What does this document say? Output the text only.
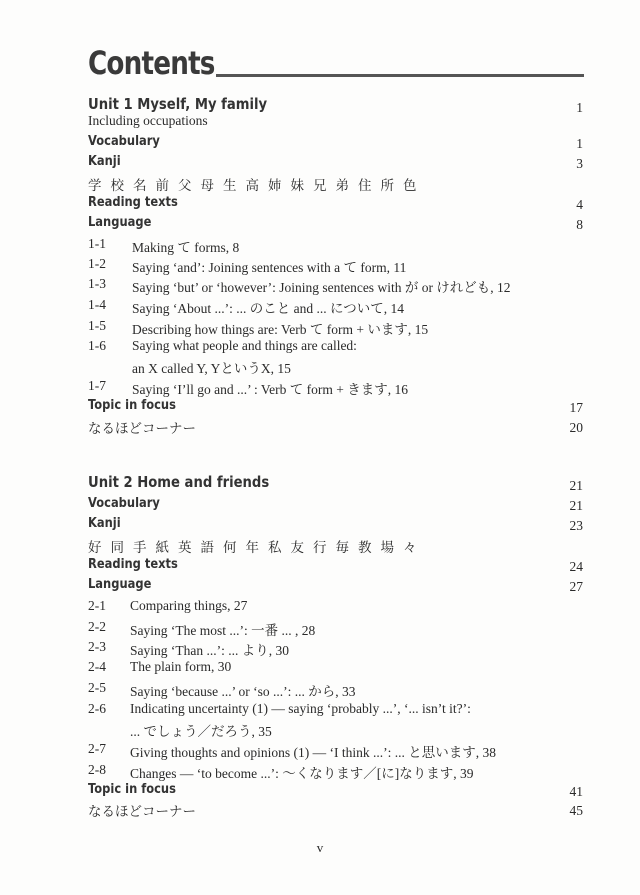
Contents
Unit 1 Myself, My family	1
Including occupations
Vocabulary	1
Kanji	3
学校名前父母生高姉妹兄弟住所色
Reading texts	4
Language	8
1-1 Making て forms, 8
1-2 Saying ‘and’: Joining sentences with a て form, 11
1-3 Saying ‘but’ or ‘however’: Joining sentences with が or けれども, 12
1-4 Saying ‘About ...’: ... のこと and ... について, 14
1-5 Describing how things are: Verb て form + います, 15
1-6 Saying what people and things are called:
an X called Y, YというX, 15
1-7 Saying ‘I’ll go and ...’ : Verb て form + きます, 16
Topic in focus	17
なるほどコーナー	20
Unit 2 Home and friends	21
Vocabulary	21
Kanji	23
好同手紙英語何年私友行毎教場々
Reading texts	24
Language	27
2-1 Comparing things, 27
2-2 Saying ‘The most ...’: 一番 ... , 28
2-3 Saying ‘Than ...’: ... より, 30
2-4 The plain form, 30
2-5 Saying ‘because ...’ or ‘so ...’: ... から, 33
2-6 Indicating uncertainty (1) — saying ‘probably ...’, ‘... isn’t it?’:
... でしょう／だろう, 35
2-7 Giving thoughts and opinions (1) — ‘I think ...’: ... と思います, 38
2-8 Changes — ‘to become ...’: 〜くなります／[に]なります, 39
Topic in focus	41
なるほどコーナー	45
v
